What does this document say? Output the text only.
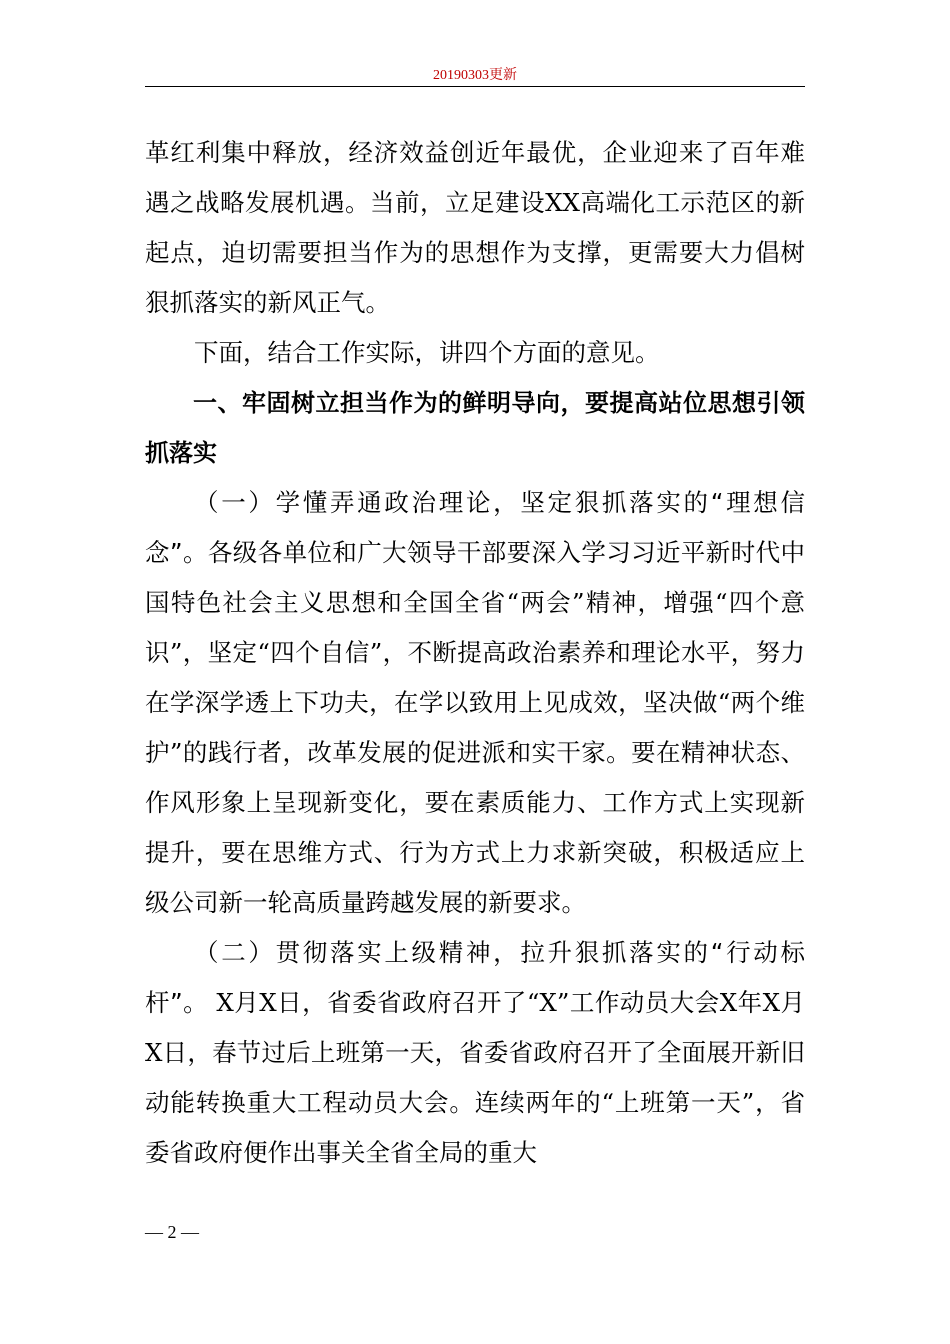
20190303更新

革红利集中释放，经济效益创近年最优，企业迎来了百年难遇之战略发展机遇。当前，立足建设XX高端化工示范区的新起点，迫切需要担当作为的思想作为支撑，更需要大力倡树狠抓落实的新风正气。

下面，结合工作实际，讲四个方面的意见。

一、牢固树立担当作为的鲜明导向，要提高站位思想引领抓落实

（一）学懂弄通政治理论，坚定狠抓落实的“理想信念”。各级各单位和广大领导干部要深入学习习近平新时代中国特色社会主义思想和全国全省“两会”精神，增强“四个意识”，坚定“四个自信”，不断提高政治素养和理论水平，努力在学深学透上下功夫，在学以致用上见成效，坚决做“两个维护”的践行者，改革发展的促进派和实干家。要在精神状态、作风形象上呈现新变化，要在素质能力、工作方式上实现新提升，要在思维方式、行为方式上力求新突破，积极适应上级公司新一轮高质量跨越发展的新要求。

（二）贯彻落实上级精神，拉升狠抓落实的“行动标杆”。 X月X日，省委省政府召开了“X”工作动员大会X年X月X日，春节过后上班第一天，省委省政府召开了全面展开新旧动能转换重大工程动员大会。连续两年的“上班第一天”，省委省政府便作出事关全省全局的重大

— 2 —
